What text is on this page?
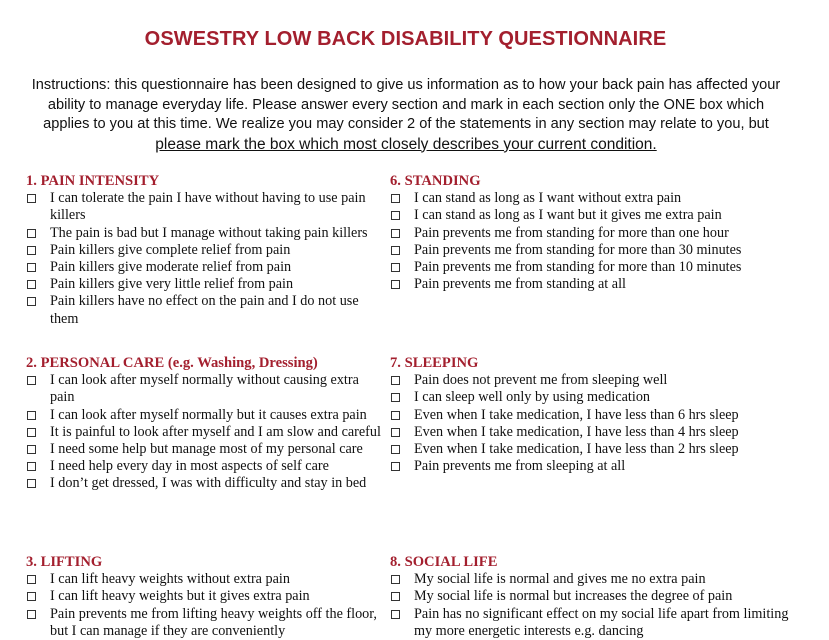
OSWESTRY LOW BACK DISABILITY QUESTIONNAIRE
Instructions: this questionnaire has been designed to give us information as to how your back pain has affected your ability to manage everyday life. Please answer every section and mark in each section only the ONE box which applies to you at this time. We realize you may consider 2 of the statements in any section may relate to you, but please mark the box which most closely describes your current condition.
1. PAIN INTENSITY
I can tolerate the pain I have without having to use pain killers
The pain is bad but I manage without taking pain killers
Pain killers give complete relief from pain
Pain killers give moderate relief from pain
Pain killers give very little relief from pain
Pain killers have no effect on the pain and I do not use them
2. PERSONAL CARE (e.g. Washing, Dressing)
I can look after myself normally without causing extra pain
I can look after myself normally but it causes extra pain
It is painful to look after myself and I am slow and careful
I need some help but manage most of my personal care
I need help every day in most aspects of self care
I don’t get dressed, I was with difficulty and stay in bed
3. LIFTING
I can lift heavy weights without extra pain
I can lift heavy weights but it gives extra pain
Pain prevents me from lifting heavy weights off the floor, but I can manage if they are conveniently
6. STANDING
I can stand as long as I want without extra pain
I can stand as long as I want but it gives me extra pain
Pain prevents me from standing for more than one hour
Pain prevents me from standing for more than 30 minutes
Pain prevents me from standing for more than 10 minutes
Pain prevents me from standing at all
7. SLEEPING
Pain does not prevent me from sleeping well
I can sleep well only by using medication
Even when I take medication, I have less than 6 hrs sleep
Even when I take medication, I have less than 4 hrs sleep
Even when I take medication, I have less than 2 hrs sleep
Pain prevents me from sleeping at all
8. SOCIAL LIFE
My social life is normal and gives me no extra pain
My social life is normal but increases the degree of pain
Pain has no significant effect on my social life apart from limiting my more energetic interests e.g. dancing
